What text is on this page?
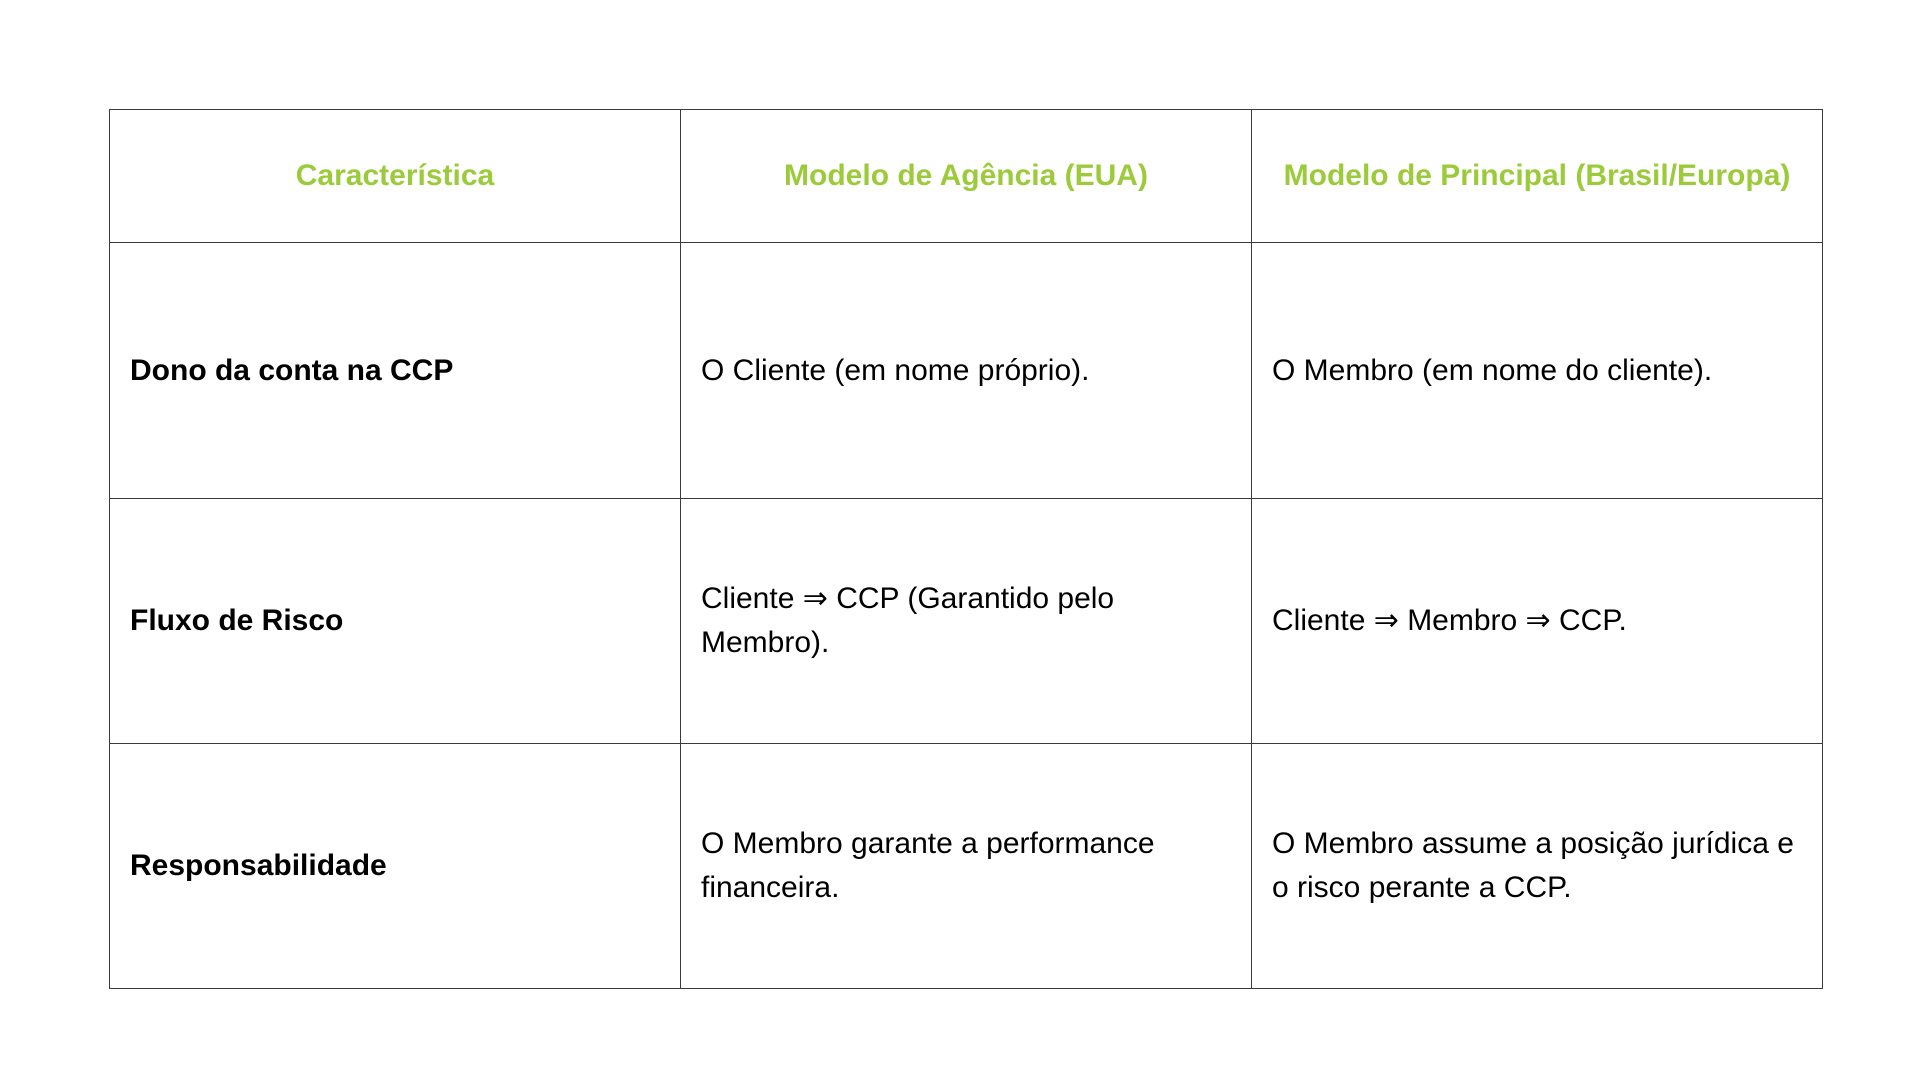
Característica	Modelo de Agência (EUA)	Modelo de Principal (Brasil/Europa)
Dono da conta na CCP	O Cliente (em nome próprio).	O Membro (em nome do cliente).
Fluxo de Risco	Cliente ⇒ CCP (Garantido pelo Membro).	Cliente ⇒ Membro ⇒ CCP.
Responsabilidade	O Membro garante a performance financeira.	O Membro assume a posição jurídica e o risco perante a CCP.
